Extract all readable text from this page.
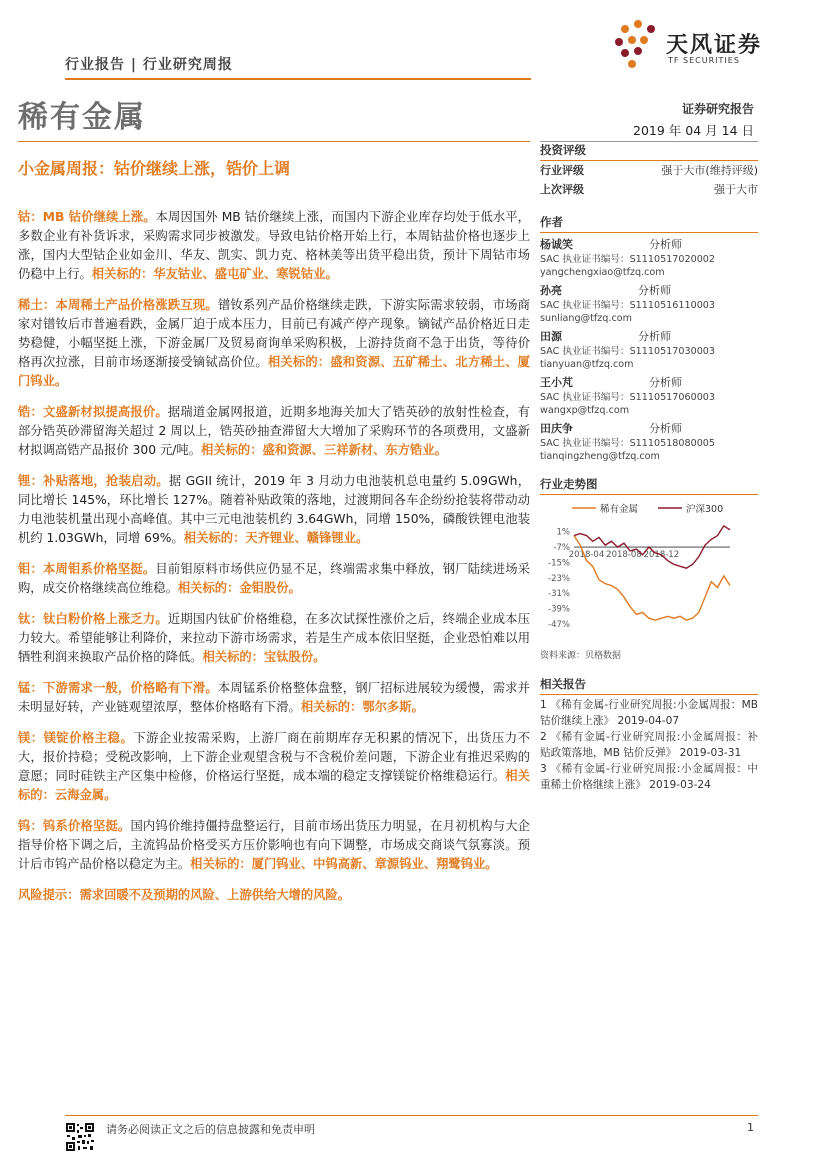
行业报告 | 行业研究周报
天风证券
TF SECURITIES
稀有金属	证券研究报告
2019 年 04 月 14 日
小金属周报：钴价继续上涨，锆价上调

钴：MB 钴价继续上涨。本周因国外 MB 钴价继续上涨，而国内下游企业库存均处于低水平，多数企业有补货诉求，采购需求同步被激发。导致电钴价格开始上行，本周钴盐价格也逐步上涨，国内大型钴企业如金川、华友、凯实、凯力克、格林美等出货平稳出货，预计下周钴市场仍稳中上行。相关标的：华友钴业、盛屯矿业、寒锐钴业。

稀土：本周稀土产品价格涨跌互现。镨钕系列产品价格继续走跌，下游实际需求较弱，市场商家对镨钕后市普遍看跌，金属厂迫于成本压力，目前已有减产停产现象。镝铽产品价格近日走势稳健，小幅坚挺上涨，下游金属厂及贸易商询单采购积极，上游持货商不急于出货，等待价格再次拉涨，目前市场逐渐接受镝铽高价位。相关标的：盛和资源、五矿稀土、北方稀土、厦门钨业。

锆：文盛新材拟提高报价。据瑞道金属网报道，近期多地海关加大了锆英砂的放射性检查，有部分锆英砂滞留海关超过 2 周以上，锆英砂抽查滞留大大增加了采购环节的各项费用，文盛新材拟调高锆产品报价 300 元/吨。相关标的：盛和资源、三祥新材、东方锆业。

锂：补贴落地，抢装启动。据 GGII 统计，2019 年 3 月动力电池装机总电量约 5.09GWh，同比增长 145%，环比增长 127%。随着补贴政策的落地，过渡期间各车企纷纷抢装将带动动力电池装机量出现小高峰值。其中三元电池装机约 3.64GWh，同增 150%，磷酸铁锂电池装机约 1.03GWh，同增 69%。相关标的：天齐锂业、赣锋锂业。

钼：本周钼系价格坚挺。目前钼原料市场供应仍显不足，终端需求集中释放，钢厂陆续进场采购，成交价格继续高位维稳。相关标的：金钼股份。

钛：钛白粉价格上涨乏力。近期国内钛矿价格维稳，在多次试探性涨价之后，终端企业成本压力较大。希望能够让利降价，来拉动下游市场需求，若是生产成本依旧坚挺，企业恐怕难以用牺牲利润来换取产品价格的降低。相关标的：宝钛股份。

锰：下游需求一般，价格略有下滑。本周锰系价格整体盘整，钢厂招标进展较为缓慢，需求并未明显好转，产业链观望浓厚，整体价格略有下滑。相关标的：鄂尔多斯。

镁：镁锭价格主稳。下游企业按需采购，上游厂商在前期库存无积累的情况下，出货压力不大，报价持稳；受税改影响，上下游企业观望含税与不含税价差问题，下游企业有推迟采购的意愿；同时硅铁主产区集中检修，价格运行坚挺，成本端的稳定支撑镁锭价格维稳运行。相关标的：云海金属。

钨：钨系价格坚挺。国内钨价维持僵持盘整运行，目前市场出货压力明显，在月初机构与大企指导价格下调之后，主流钨品价格受买方压价影响也有向下调整，市场成交商谈气氛寡淡。预计后市钨产品价格以稳定为主。相关标的：厦门钨业、中钨高新、章源钨业、翔鹭钨业。

风险提示：需求回暖不及预期的风险、上游供给大增的风险。

投资评级
行业评级	强于大市(维持评级)
上次评级	强于大市
作者
杨诚笑	分析师
SAC 执业证书编号：S1110517020002
yangchengxiao@tfzq.com
孙亮	分析师
SAC 执业证书编号：S1110516110003
sunliang@tfzq.com
田源	分析师
SAC 执业证书编号：S1110517030003
tianyuan@tfzq.com
王小芃	分析师
SAC 执业证书编号：S1110517060003
wangxp@tfzq.com
田庆争	分析师
SAC 执业证书编号：S1110518080005
tianqingzheng@tfzq.com
行业走势图
稀有金属	沪深300
1%
-7%
-15%
-23%
-31%
-39%
-47%
2018-04 2018-08 2018-12
资料来源：贝格数据
相关报告
1 《稀有金属-行业研究周报:小金属周报：MB 钴价继续上涨》 2019-04-07
2 《稀有金属-行业研究周报:小金属周报：补贴政策落地，MB 钴价反弹》 2019-03-31
3 《稀有金属-行业研究周报:小金属周报：中重稀土价格继续上涨》 2019-03-24
请务必阅读正文之后的信息披露和免责申明	1
